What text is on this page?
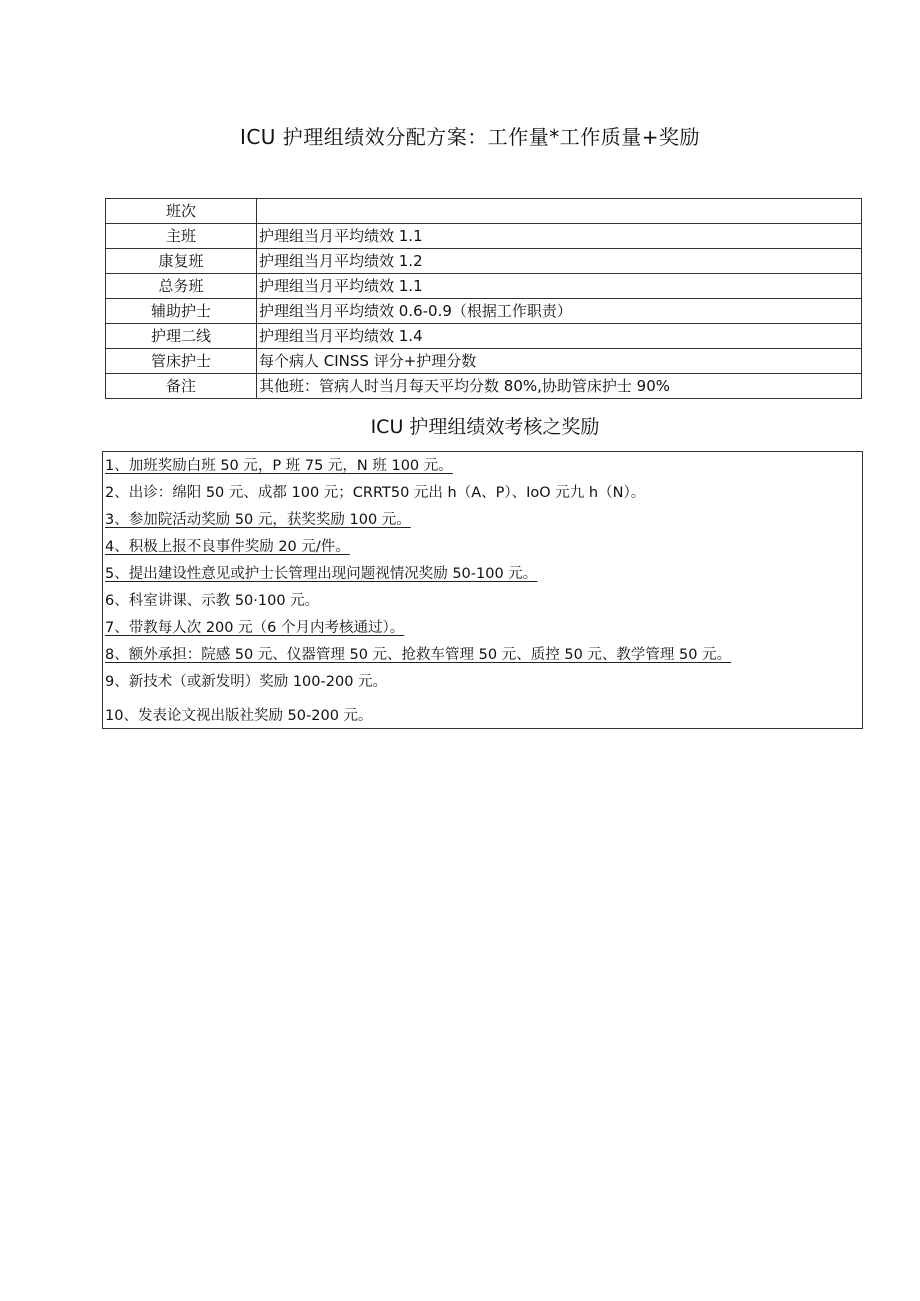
ICU 护理组绩效分配方案：工作量*工作质量+奖励
班次	
主班	护理组当月平均绩效 1.1
康复班	护理组当月平均绩效 1.2
总务班	护理组当月平均绩效 1.1
辅助护士	护理组当月平均绩效 0.6-0.9（根据工作职责）
护理二线	护理组当月平均绩效 1.4
管床护士	每个病人 CINSS 评分+护理分数
备注	其他班：管病人时当月每天平均分数 80%,协助管床护士 90%
ICU 护理组绩效考核之奖励
1、加班奖励白班 50 元，P 班 75 元，N 班 100 元。
2、出诊：绵阳 50 元、成都 100 元；CRRT50 元出 h（A、P）、IoO 元九 h（N）。
3、参加院活动奖励 50 元，获奖奖励 100 元。
4、积极上报不良事件奖励 20 元/件。
5、提出建设性意见或护士长管理出现问题视情况奖励 50-100 元。
6、科室讲课、示教 50·100 元。
7、带教每人次 200 元（6 个月内考核通过）。
8、额外承担：院感 50 元、仪器管理 50 元、抢救车管理 50 元、质控 50 元、教学管理 50 元。
9、新技术（或新发明）奖励 100-200 元。
10、发表论文视出版社奖励 50-200 元。
